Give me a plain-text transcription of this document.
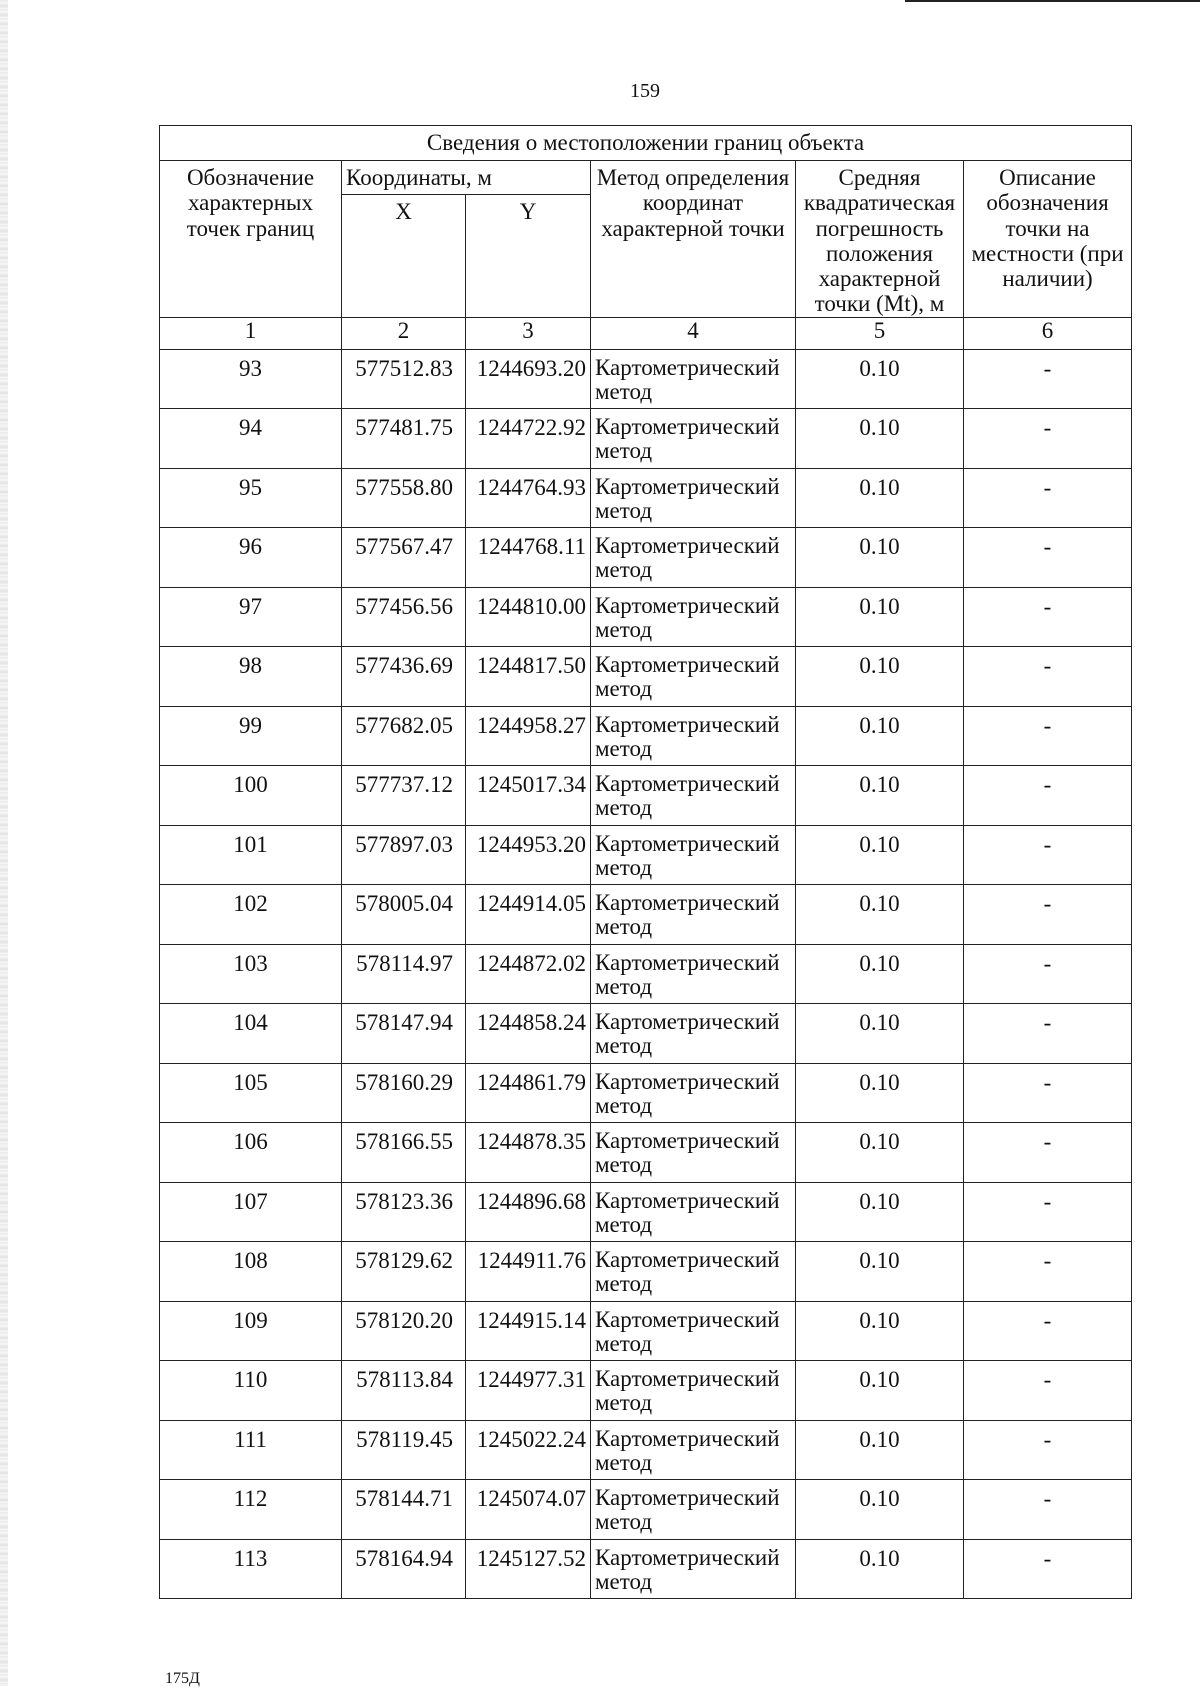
159
Сведения о местоположении границ объекта					
Обозначение характерных точек границ	Координаты, м		Метод определения координат характерной точки	Средняя квадратическая погрешность положения характерной точки (Mt), м	Описание обозначения точки на местности (при наличии)
	X	Y			
1	2	3	4	5	6
93	577512.83	1244693.20	Картометрический метод	0.10	-
94	577481.75	1244722.92	Картометрический метод	0.10	-
95	577558.80	1244764.93	Картометрический метод	0.10	-
96	577567.47	1244768.11	Картометрический метод	0.10	-
97	577456.56	1244810.00	Картометрический метод	0.10	-
98	577436.69	1244817.50	Картометрический метод	0.10	-
99	577682.05	1244958.27	Картометрический метод	0.10	-
100	577737.12	1245017.34	Картометрический метод	0.10	-
101	577897.03	1244953.20	Картометрический метод	0.10	-
102	578005.04	1244914.05	Картометрический метод	0.10	-
103	578114.97	1244872.02	Картометрический метод	0.10	-
104	578147.94	1244858.24	Картометрический метод	0.10	-
105	578160.29	1244861.79	Картометрический метод	0.10	-
106	578166.55	1244878.35	Картометрический метод	0.10	-
107	578123.36	1244896.68	Картометрический метод	0.10	-
108	578129.62	1244911.76	Картометрический метод	0.10	-
109	578120.20	1244915.14	Картометрический метод	0.10	-
110	578113.84	1244977.31	Картометрический метод	0.10	-
111	578119.45	1245022.24	Картометрический метод	0.10	-
112	578144.71	1245074.07	Картометрический метод	0.10	-
113	578164.94	1245127.52	Картометрический метод	0.10	-
175Д
